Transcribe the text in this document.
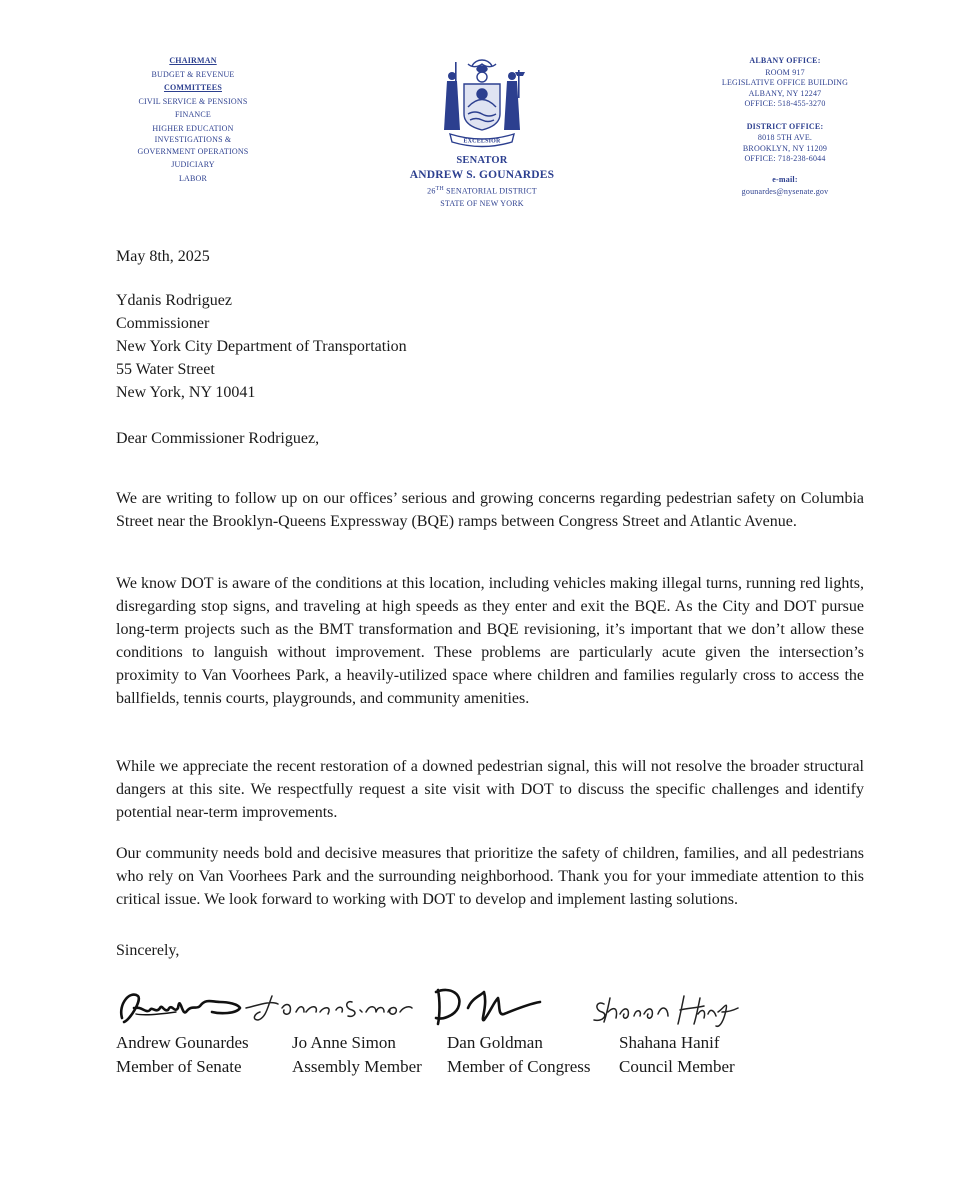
CHAIRMAN
BUDGET & REVENUE
COMMITTEES
CIVIL SERVICE & PENSIONS
FINANCE
HIGHER EDUCATION
INVESTIGATIONS &
GOVERNMENT OPERATIONS
JUDICIARY
LABOR
EXCELSIOR
SENATOR
ANDREW S. GOUNARDES
26TH SENATORIAL DISTRICT
STATE OF NEW YORK
ALBANY OFFICE:
ROOM 917
LEGISLATIVE OFFICE BUILDING
ALBANY, NY 12247
OFFICE: 518-455-3270
DISTRICT OFFICE:
8018 5TH AVE.
BROOKLYN, NY 11209
OFFICE: 718-238-6044
e-mail:
gounardes@nysenate.gov
May 8th, 2025
Ydanis Rodriguez
Commissioner
New York City Department of Transportation
55 Water Street
New York, NY 10041
Dear Commissioner Rodriguez,

We are writing to follow up on our offices’ serious and growing concerns regarding pedestrian safety on Columbia Street near the Brooklyn-Queens Expressway (BQE) ramps between Congress Street and Atlantic Avenue.

We know DOT is aware of the conditions at this location, including vehicles making illegal turns, running red lights, disregarding stop signs, and traveling at high speeds as they enter and exit the BQE. As the City and DOT pursue long-term projects such as the BMT transformation and BQE revisioning, it’s important that we don’t allow these conditions to languish without improvement. These problems are particularly acute given the intersection’s proximity to Van Voorhees Park, a heavily-utilized space where children and families regularly cross to access the ballfields, tennis courts, playgrounds, and community amenities.

While we appreciate the recent restoration of a downed pedestrian signal, this will not resolve the broader structural dangers at this site. We respectfully request a site visit with DOT to discuss the specific challenges and identify potential near-term improvements.

Our community needs bold and decisive measures that prioritize the safety of children, families, and all pedestrians who rely on Van Voorhees Park and the surrounding neighborhood. Thank you for your immediate attention to this critical issue. We look forward to working with DOT to develop and implement lasting solutions.

Sincerely,
Andrew Gounardes
Member of Senate
Jo Anne Simon
Assembly Member
Dan Goldman
Member of Congress
Shahana Hanif
Council Member
